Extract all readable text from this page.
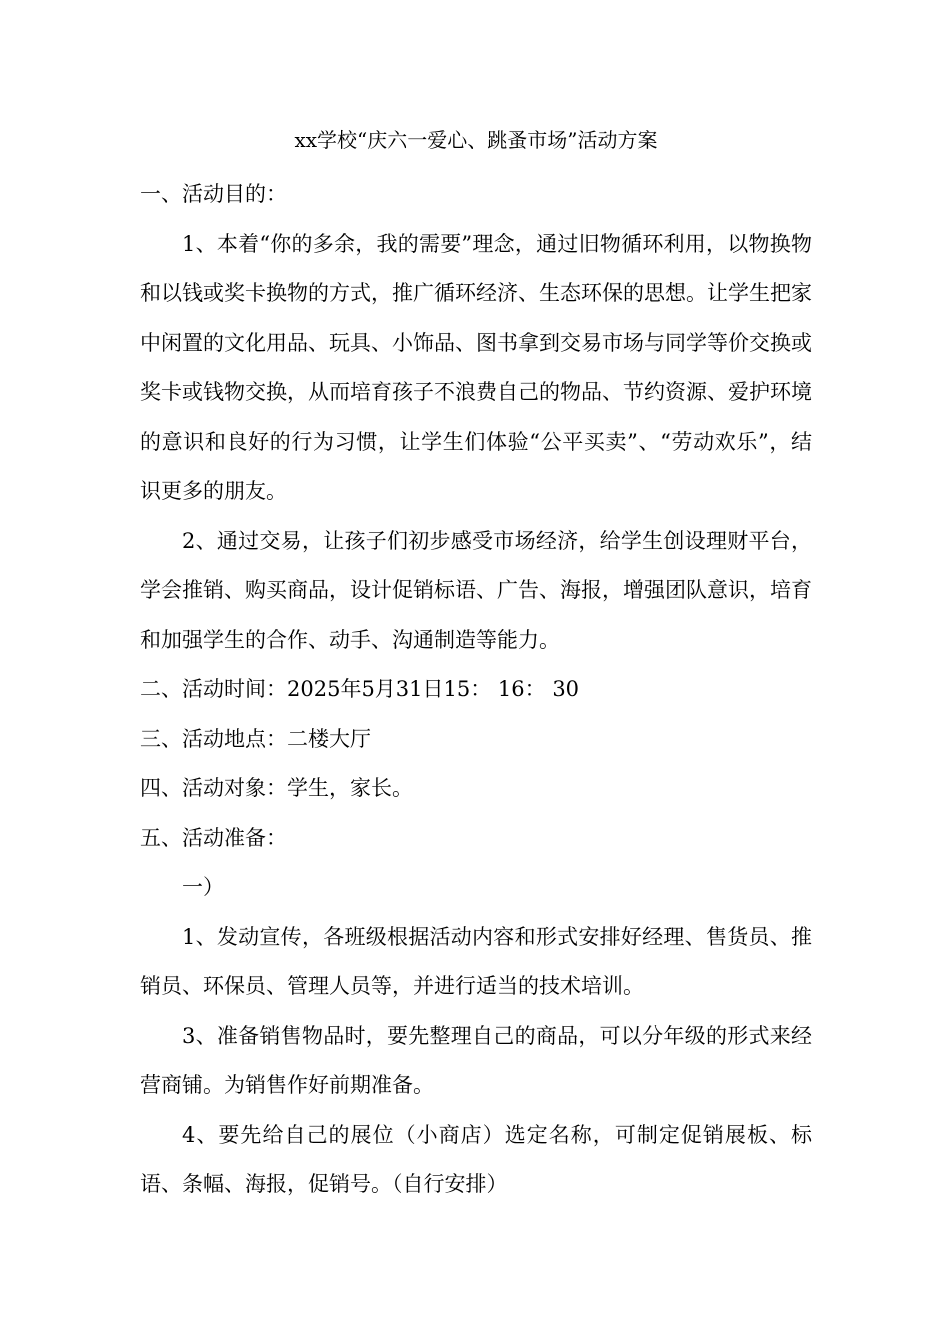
xx学校“庆六一爱心、跳蚤市场”活动方案

一、活动目的：

1、本着“你的多余，我的需要”理念，通过旧物循环利用，以物换物和以钱或奖卡换物的方式，推广循环经济、生态环保的思想。让学生把家中闲置的文化用品、玩具、小饰品、图书拿到交易市场与同学等价交换或奖卡或钱物交换，从而培育孩子不浪费自己的物品、节约资源、爱护环境的意识和良好的行为习惯，让学生们体验“公平买卖”、“劳动欢乐”，结识更多的朋友。

2、通过交易，让孩子们初步感受市场经济，给学生创设理财平台，学会推销、购买商品，设计促销标语、广告、海报，增强团队意识，培育和加强学生的合作、动手、沟通制造等能力。

二、活动时间：2025年5月31日15： 16： 30

三、活动地点：二楼大厅

四、活动对象：学生，家长。

五、活动准备：

一）

1、发动宣传，各班级根据活动内容和形式安排好经理、售货员、推销员、环保员、管理人员等，并进行适当的技术培训。

3、准备销售物品时，要先整理自己的商品，可以分年级的形式来经营商铺。为销售作好前期准备。

4、要先给自己的展位（小商店）选定名称，可制定促销展板、标语、条幅、海报，促销号。（自行安排）
